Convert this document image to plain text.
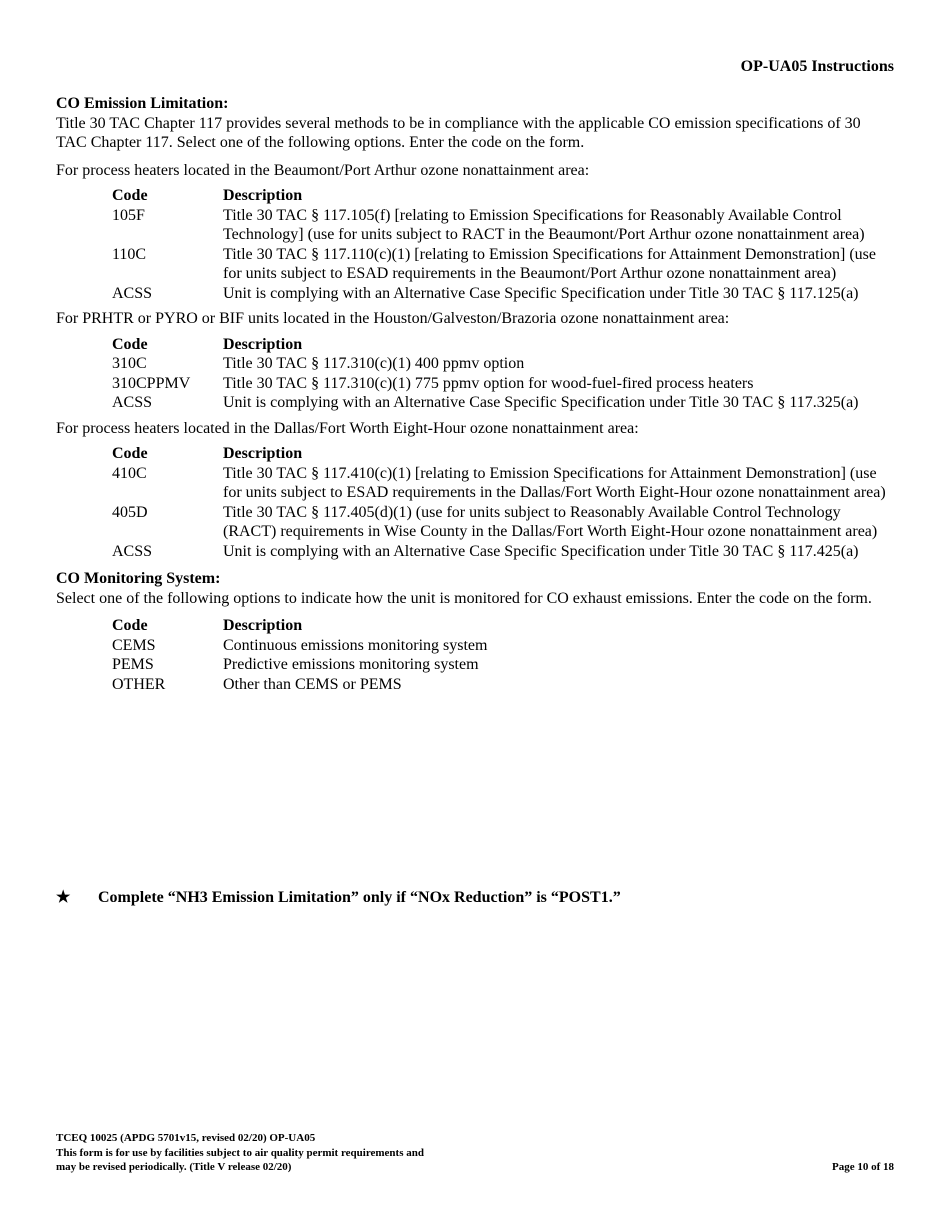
OP-UA05 Instructions

CO Emission Limitation:

Title 30 TAC Chapter 117 provides several methods to be in compliance with the applicable CO emission specifications of 30 TAC Chapter 117. Select one of the following options. Enter the code on the form.

For process heaters located in the Beaumont/Port Arthur ozone nonattainment area:

Code	Description
105F	Title 30 TAC § 117.105(f) [relating to Emission Specifications for Reasonably Available Control Technology] (use for units subject to RACT in the Beaumont/Port Arthur ozone nonattainment area)
110C	Title 30 TAC § 117.110(c)(1) [relating to Emission Specifications for Attainment Demonstration] (use for units subject to ESAD requirements in the Beaumont/Port Arthur ozone nonattainment area)
ACSS	Unit is complying with an Alternative Case Specific Specification under Title 30 TAC § 117.125(a)

For PRHTR or PYRO or BIF units located in the Houston/Galveston/Brazoria ozone nonattainment area:

Code	Description
310C	Title 30 TAC § 117.310(c)(1) 400 ppmv option
310CPPMV	Title 30 TAC § 117.310(c)(1) 775 ppmv option for wood-fuel-fired process heaters
ACSS	Unit is complying with an Alternative Case Specific Specification under Title 30 TAC § 117.325(a)

For process heaters located in the Dallas/Fort Worth Eight-Hour ozone nonattainment area:

Code	Description
410C	Title 30 TAC § 117.410(c)(1) [relating to Emission Specifications for Attainment Demonstration] (use for units subject to ESAD requirements in the Dallas/Fort Worth Eight-Hour ozone nonattainment area)
405D	Title 30 TAC § 117.405(d)(1) (use for units subject to Reasonably Available Control Technology (RACT) requirements in Wise County in the Dallas/Fort Worth Eight-Hour ozone nonattainment area)
ACSS	Unit is complying with an Alternative Case Specific Specification under Title 30 TAC § 117.425(a)

CO Monitoring System:

Select one of the following options to indicate how the unit is monitored for CO exhaust emissions. Enter the code on the form.

Code	Description
CEMS	Continuous emissions monitoring system
PEMS	Predictive emissions monitoring system
OTHER	Other than CEMS or PEMS
★ Complete “NH3 Emission Limitation” only if “NOx Reduction” is “POST1.”
TCEQ 10025 (APDG 5701v15, revised 02/20) OP-UA05
This form is for use by facilities subject to air quality permit requirements and
may be revised periodically. (Title V release 02/20)	Page 10 of 18
